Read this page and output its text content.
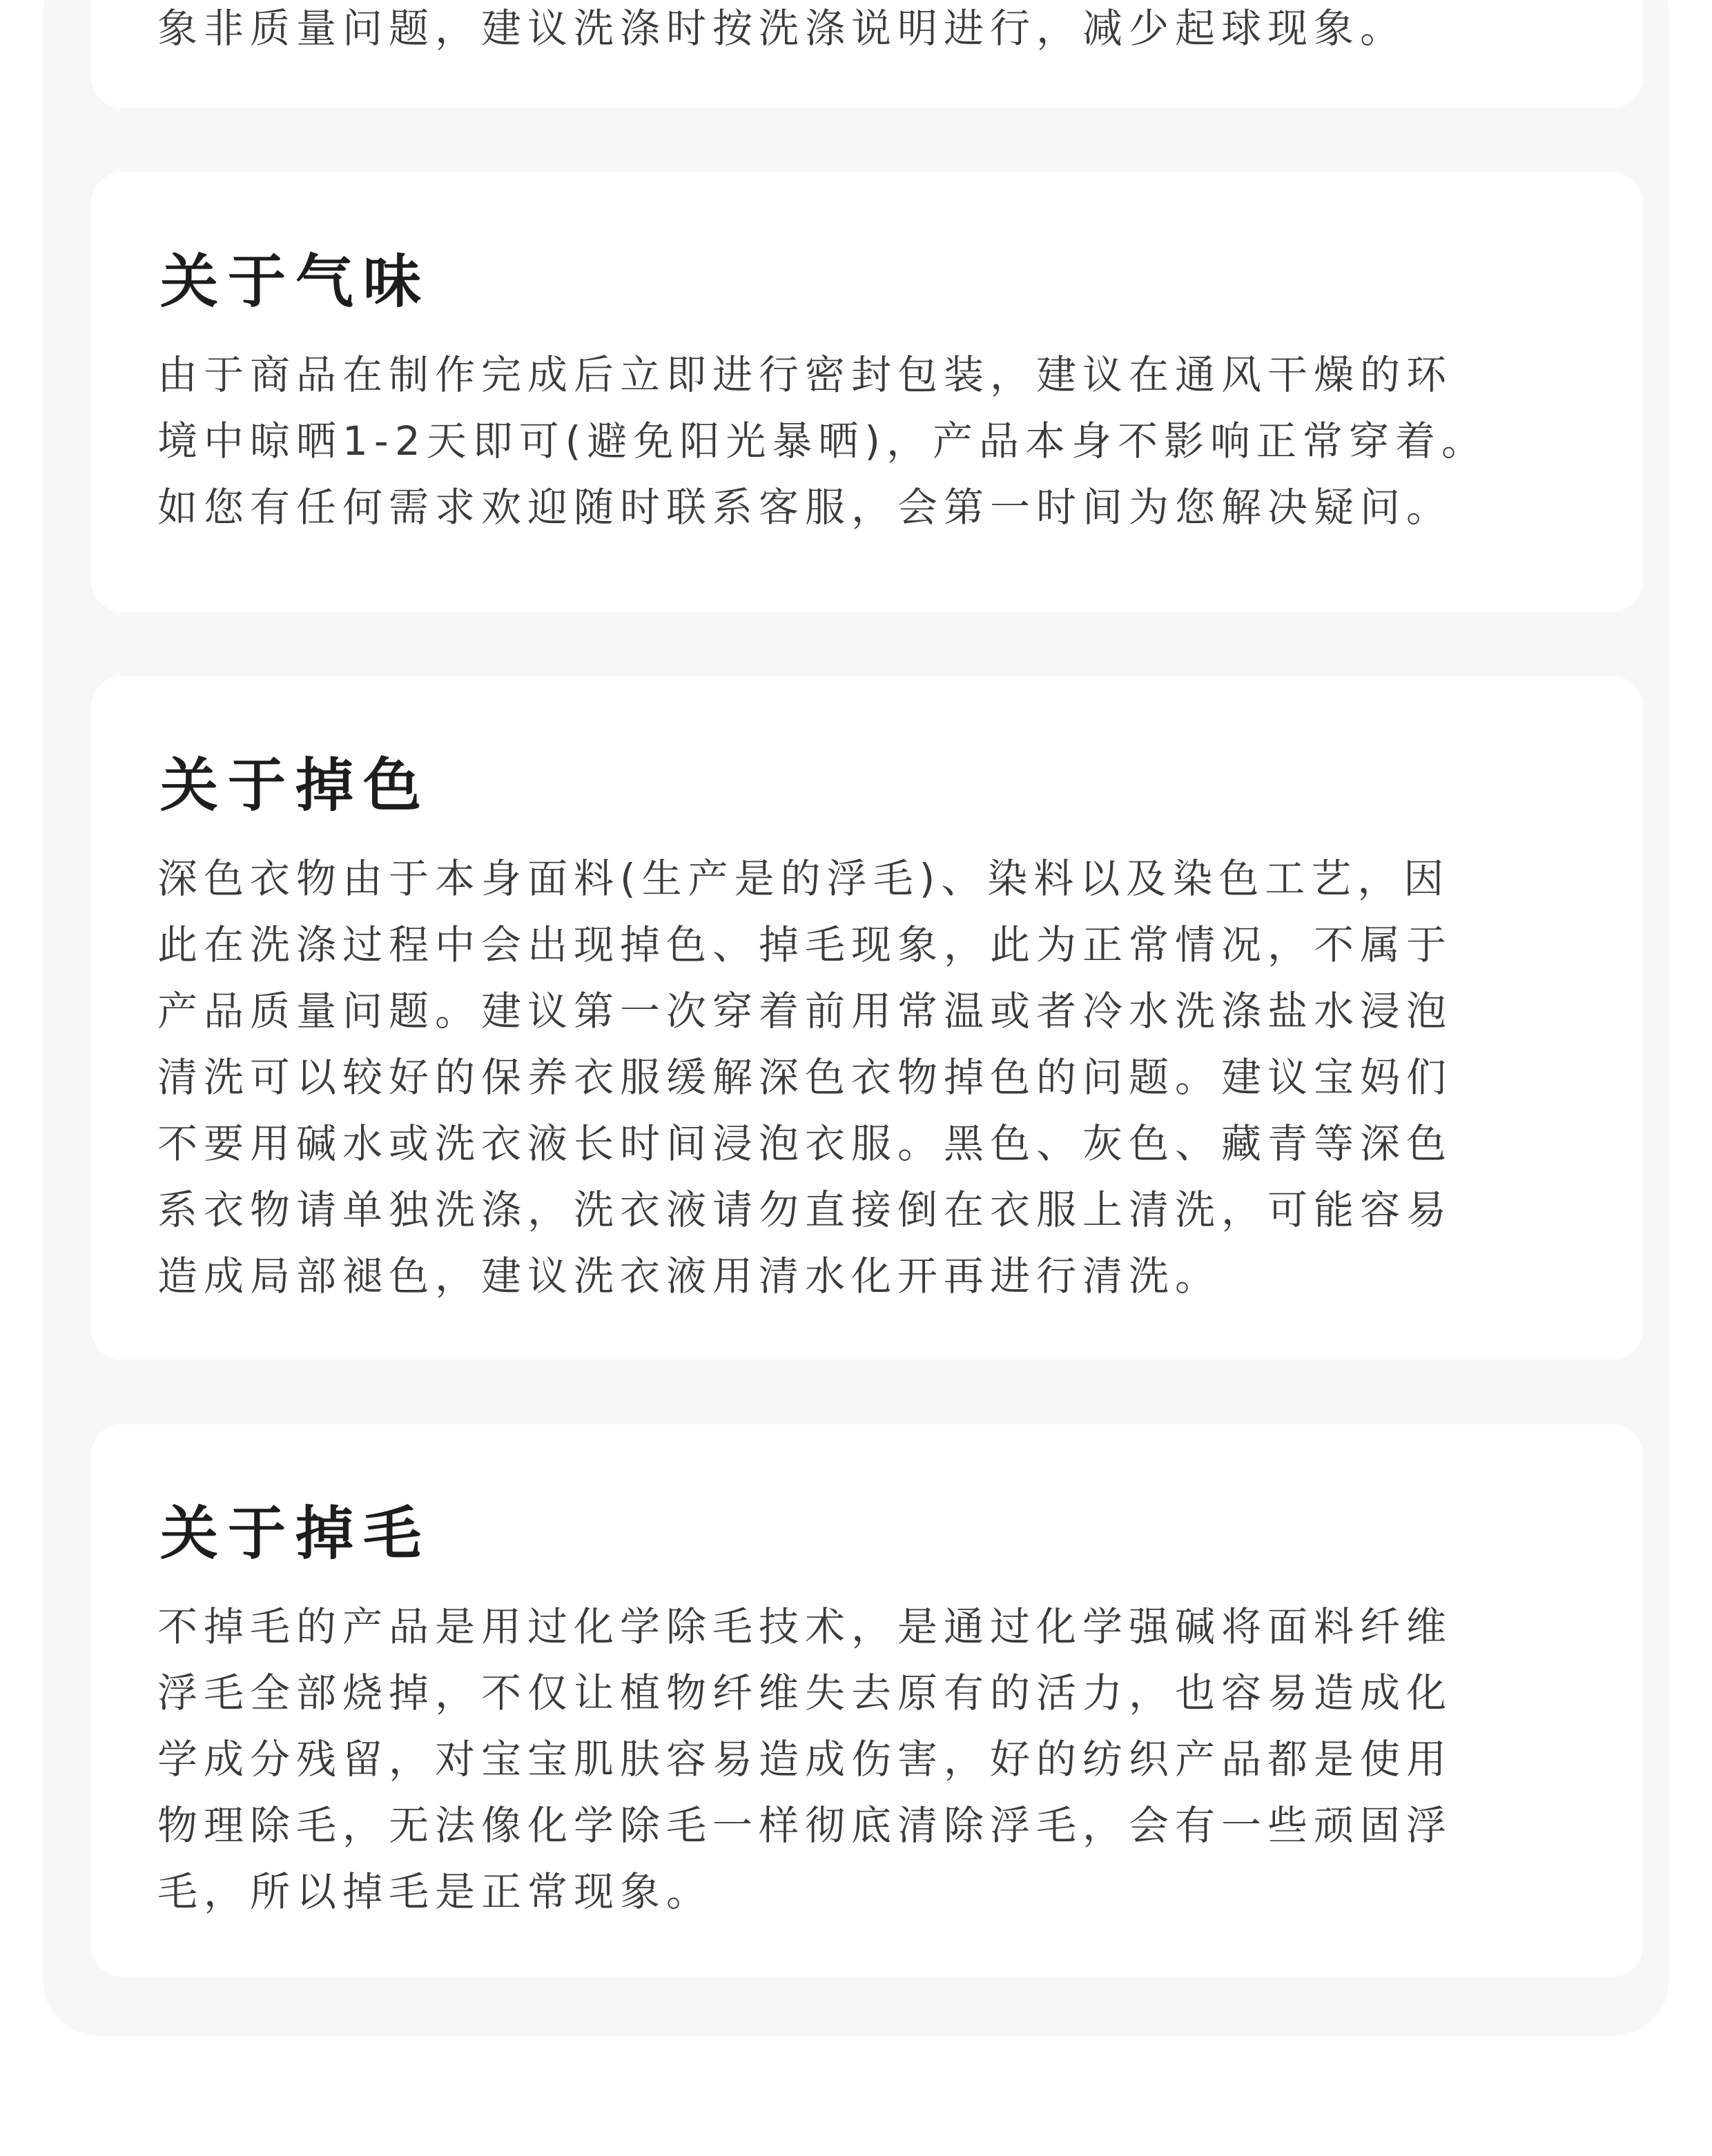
象非质量问题，建议洗涤时按洗涤说明进行，减少起球现象。

关于气味

由于商品在制作完成后立即进行密封包装，建议在通风干燥的环

境中晾晒1-2天即可(避免阳光暴晒)，产品本身不影响正常穿着。

如您有任何需求欢迎随时联系客服，会第一时间为您解决疑问。

关于掉色

深色衣物由于本身面料(生产是的浮毛)、染料以及染色工艺，因

此在洗涤过程中会出现掉色、掉毛现象，此为正常情况，不属于

产品质量问题。建议第一次穿着前用常温或者冷水洗涤盐水浸泡

清洗可以较好的保养衣服缓解深色衣物掉色的问题。建议宝妈们

不要用碱水或洗衣液长时间浸泡衣服。黑色、灰色、藏青等深色

系衣物请单独洗涤，洗衣液请勿直接倒在衣服上清洗，可能容易

造成局部褪色，建议洗衣液用清水化开再进行清洗。

关于掉毛

不掉毛的产品是用过化学除毛技术，是通过化学强碱将面料纤维

浮毛全部烧掉，不仅让植物纤维失去原有的活力，也容易造成化

学成分残留，对宝宝肌肤容易造成伤害，好的纺织产品都是使用

物理除毛，无法像化学除毛一样彻底清除浮毛，会有一些顽固浮

毛，所以掉毛是正常现象。
